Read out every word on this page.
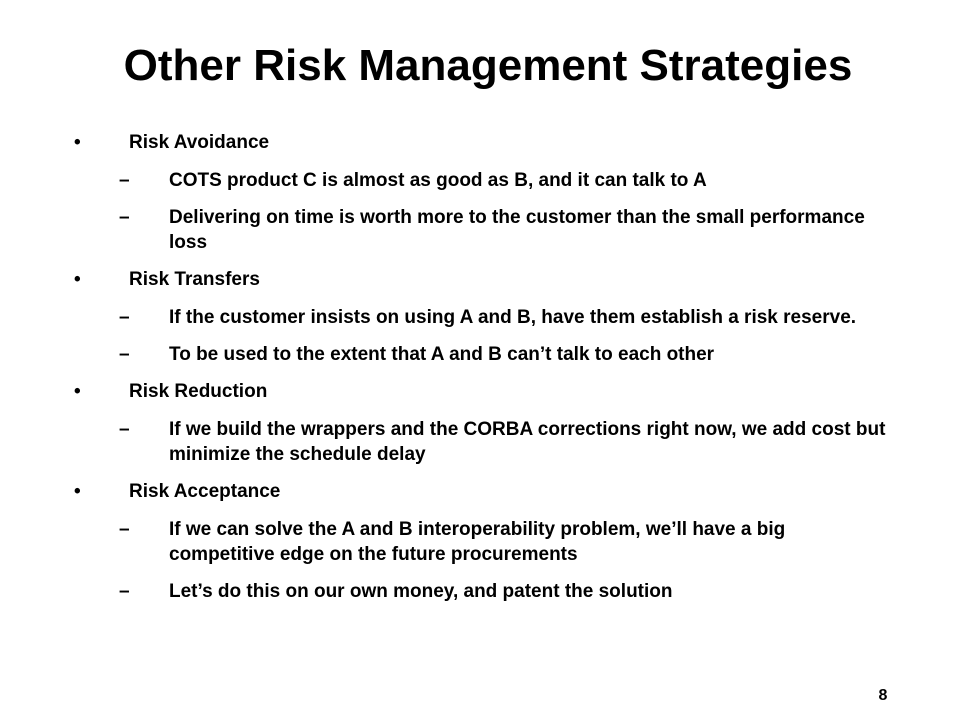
Other Risk Management Strategies
•	Risk Avoidance
– COTS product C is almost as good as B, and it can talk to A
– Delivering on time is worth more to the customer than the small performance loss
•	Risk Transfers
– If the customer insists on using A and B, have them establish a risk reserve.
– To be used to the extent that A and B can’t talk to each other
•	Risk Reduction
– If we build the wrappers and the CORBA corrections right now, we add cost but minimize the schedule delay
•	Risk Acceptance
– If we can solve the A and B interoperability problem, we’ll have a big competitive edge on the future procurements
– Let’s do this on our own money, and patent the solution
8
